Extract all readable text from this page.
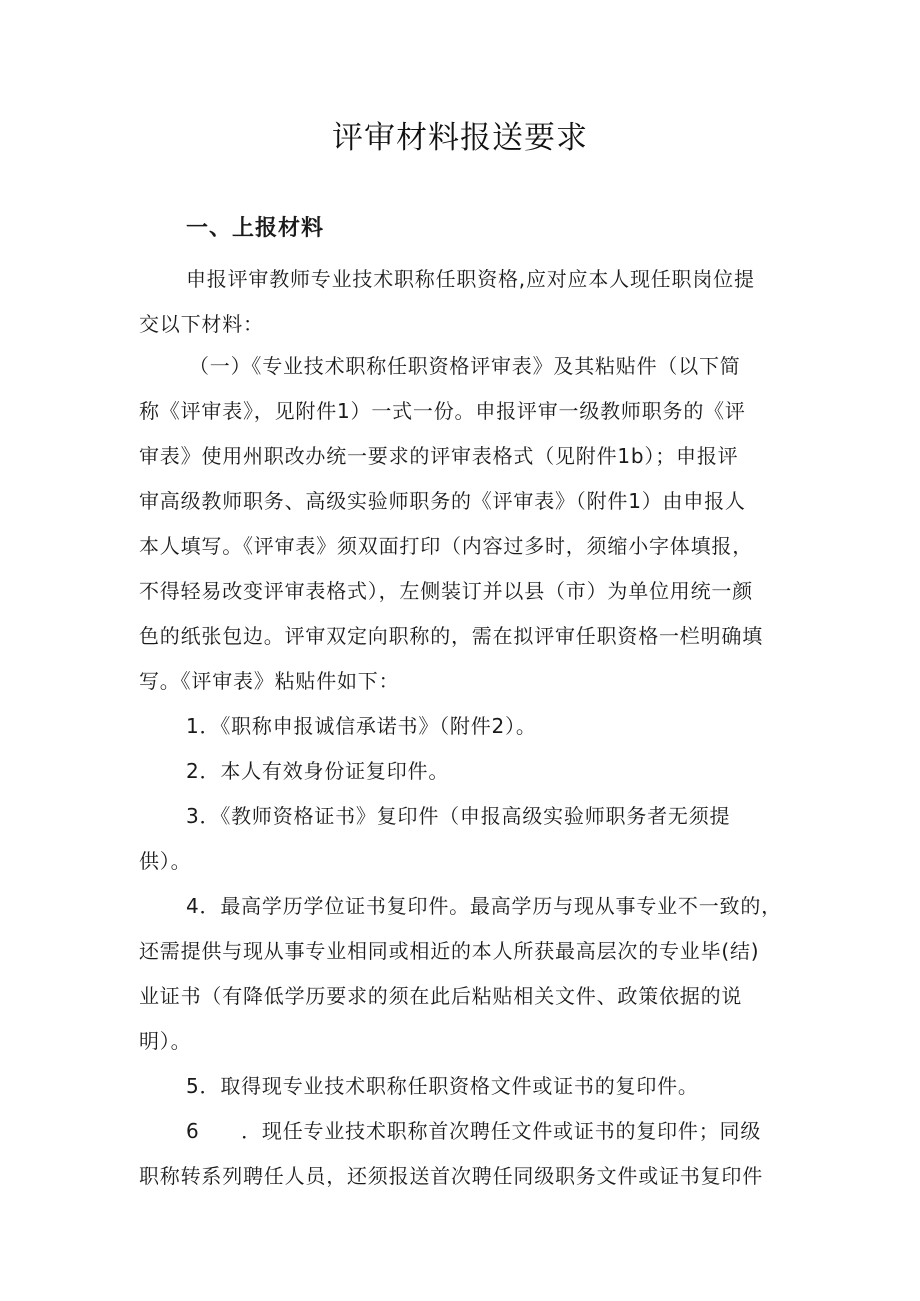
评审材料报送要求
一、上报材料
申报评审教师专业技术职称任职资格,应对应本人现任职岗位提
交以下材料：
（一）《专业技术职称任职资格评审表》及其粘贴件（以下简
称《评审表》，见附件1）一式一份。申报评审一级教师职务的《评
审表》使用州职改办统一要求的评审表格式（见附件1b）；申报评
审高级教师职务、高级实验师职务的《评审表》（附件1）由申报人
本人填写。《评审表》须双面打印（内容过多时，须缩小字体填报，
不得轻易改变评审表格式），左侧装订并以县（市）为单位用统一颜
色的纸张包边。评审双定向职称的，需在拟评审任职资格一栏明确填
写。《评审表》粘贴件如下：
1．《职称申报诚信承诺书》（附件2）。
2．本人有效身份证复印件。
3．《教师资格证书》复印件（申报高级实验师职务者无须提
供）。
4．最高学历学位证书复印件。最高学历与现从事专业不一致的，
还需提供与现从事专业相同或相近的本人所获最高层次的专业毕(结)
业证书（有降低学历要求的须在此后粘贴相关文件、政策依据的说
明）。
5．取得现专业技术职称任职资格文件或证书的复印件。
6　　．现任专业技术职称首次聘任文件或证书的复印件；同级
职称转系列聘任人员，还须报送首次聘任同级职务文件或证书复印件
